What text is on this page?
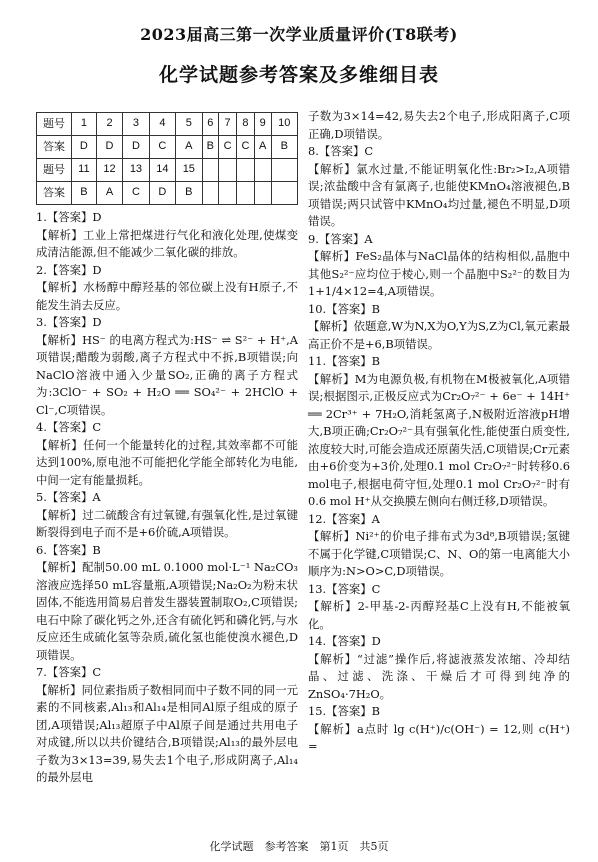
2023届高三第一次学业质量评价(T8联考)
化学试题参考答案及多维细目表
题号	1	2	3	4	5	6	7	8	9	10
答案	D	D	D	C	A	B	C	C	A	B
题号	11	12	13	14	15					
答案	B	A	C	D	B					
1.【答案】D
【解析】工业上常把煤进行气化和液化处理,使煤变成清洁能源,但不能减少二氧化碳的排放。
2.【答案】D
【解析】水杨醇中醇羟基的邻位碳上没有H原子,不能发生消去反应。
3.【答案】D
【解析】HS⁻ 的电离方程式为:HS⁻ ⇌ S²⁻ + H⁺,A项错误;醋酸为弱酸,离子方程式中不拆,B项错误;向NaClO溶液中通入少量SO₂,正确的离子方程式为:3ClO⁻ + SO₂ + H₂O ══ SO₄²⁻ + 2HClO + Cl⁻,C项错误。
4.【答案】C
【解析】任何一个能量转化的过程,其效率都不可能达到100%,原电池不可能把化学能全部转化为电能,中间一定有能量损耗。
5.【答案】A
【解析】过二硫酸含有过氧键,有强氧化性,是过氧键断裂得到电子而不是+6价硫,A项错误。
6.【答案】B
【解析】配制50.00 mL 0.1000 mol·L⁻¹ Na₂CO₃溶液应选择50 mL容量瓶,A项错误;Na₂O₂为粉末状固体,不能选用简易启普发生器装置制取O₂,C项错误;电石中除了碳化钙之外,还含有硫化钙和磷化钙,与水反应还生成硫化氢等杂质,硫化氢也能使溴水褪色,D项错误。
7.【答案】C
【解析】同位素指质子数相同而中子数不同的同一元素的不同核素,Al₁₃和Al₁₄是相同Al原子组成的原子团,A项错误;Al₁₃超原子中Al原子间是通过共用电子对成键,所以以共价键结合,B项错误;Al₁₃的最外层电子数为3×13=39,易失去1个电子,形成阴离子,Al₁₄的最外层电
子数为3×14=42,易失去2个电子,形成阳离子,C项正确,D项错误。
8.【答案】C
【解析】氯水过量,不能证明氧化性:Br₂>I₂,A项错误;浓盐酸中含有氯离子,也能使KMnO₄溶液褪色,B项错误;两只试管中KMnO₄均过量,褪色不明显,D项错误。
9.【答案】A
【解析】FeS₂晶体与NaCl晶体的结构相似,晶胞中其他S₂²⁻应均位于棱心,则一个晶胞中S₂²⁻的数目为1+1/4×12=4,A项错误。
10.【答案】B
【解析】依题意,W为N,X为O,Y为S,Z为Cl,氧元素最高正价不是+6,B项错误。
11.【答案】B
【解析】M为电源负极,有机物在M极被氧化,A项错误;根据图示,正极反应式为Cr₂O₇²⁻ + 6e⁻ + 14H⁺ ══ 2Cr³⁺ + 7H₂O,消耗氢离子,N极附近溶液pH增大,B项正确;Cr₂O₇²⁻具有强氧化性,能使蛋白质变性,浓度较大时,可能会造成还原菌失活,C项错误;Cr元素由+6价变为+3价,处理0.1 mol Cr₂O₇²⁻时转移0.6 mol电子,根据电荷守恒,处理0.1 mol Cr₂O₇²⁻时有0.6 mol H⁺从交换膜左侧向右侧迁移,D项错误。
12.【答案】A
【解析】Ni²⁺的价电子排布式为3d⁸,B项错误;氢键不属于化学键,C项错误;C、N、O的第一电离能大小顺序为:N>O>C,D项错误。
13.【答案】C
【解析】2-甲基-2-丙醇羟基C上没有H,不能被氧化。
14.【答案】D
【解析】“过滤”操作后,将滤液蒸发浓缩、冷却结晶、过滤、洗涤、干燥后才可得到纯净的ZnSO₄·7H₂O。
15.【答案】B
【解析】a点时 lg c(H⁺)/c(OH⁻) = 12,则 c(H⁺) =
化学试题　参考答案　第1页　共5页
